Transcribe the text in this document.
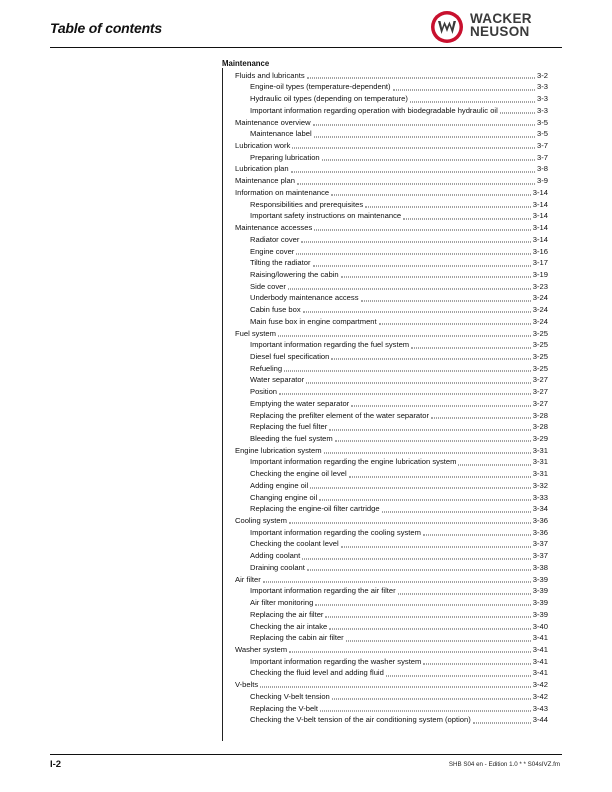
Table of contents
WACKER
NEUSON
Maintenance
Fluids and lubricants	3-2
Engine-oil types (temperature-dependent)	3-3
Hydraulic oil types (depending on temperature)	3-3
Important information regarding operation with biodegradable hydraulic oil	3-3
Maintenance overview	3-5
Maintenance label	3-5
Lubrication work	3-7
Preparing lubrication	3-7
Lubrication plan	3-8
Maintenance plan	3-9
Information on maintenance	3-14
Responsibilities and prerequisites	3-14
Important safety instructions on maintenance	3-14
Maintenance accesses	3-14
Radiator cover	3-14
Engine cover	3-16
Tilting the radiator	3-17
Raising/lowering the cabin	3-19
Side cover	3-23
Underbody maintenance access	3-24
Cabin fuse box	3-24
Main fuse box in engine compartment	3-24
Fuel system	3-25
Important information regarding the fuel system	3-25
Diesel fuel specification	3-25
Refueling	3-25
Water separator	3-27
Position	3-27
Emptying the water separator	3-27
Replacing the prefilter element of the water separator	3-28
Replacing the fuel filter	3-28
Bleeding the fuel system	3-29
Engine lubrication system	3-31
Important information regarding the engine lubrication system	3-31
Checking the engine oil level	3-31
Adding engine oil	3-32
Changing engine oil	3-33
Replacing the engine-oil filter cartridge	3-34
Cooling system	3-36
Important information regarding the cooling system	3-36
Checking the coolant level	3-37
Adding coolant	3-37
Draining coolant	3-38
Air filter	3-39
Important information regarding the air filter	3-39
Air filter monitoring	3-39
Replacing the air filter	3-39
Checking the air intake	3-40
Replacing the cabin air filter	3-41
Washer system	3-41
Important information regarding the washer system	3-41
Checking the fluid level and adding fluid	3-41
V-belts	3-42
Checking V-belt tension	3-42
Replacing the V-belt	3-43
Checking the V-belt tension of the air conditioning system (option)	3-44
I-2	SHB S04 en - Edition 1.0 * * S04sIVZ.fm
